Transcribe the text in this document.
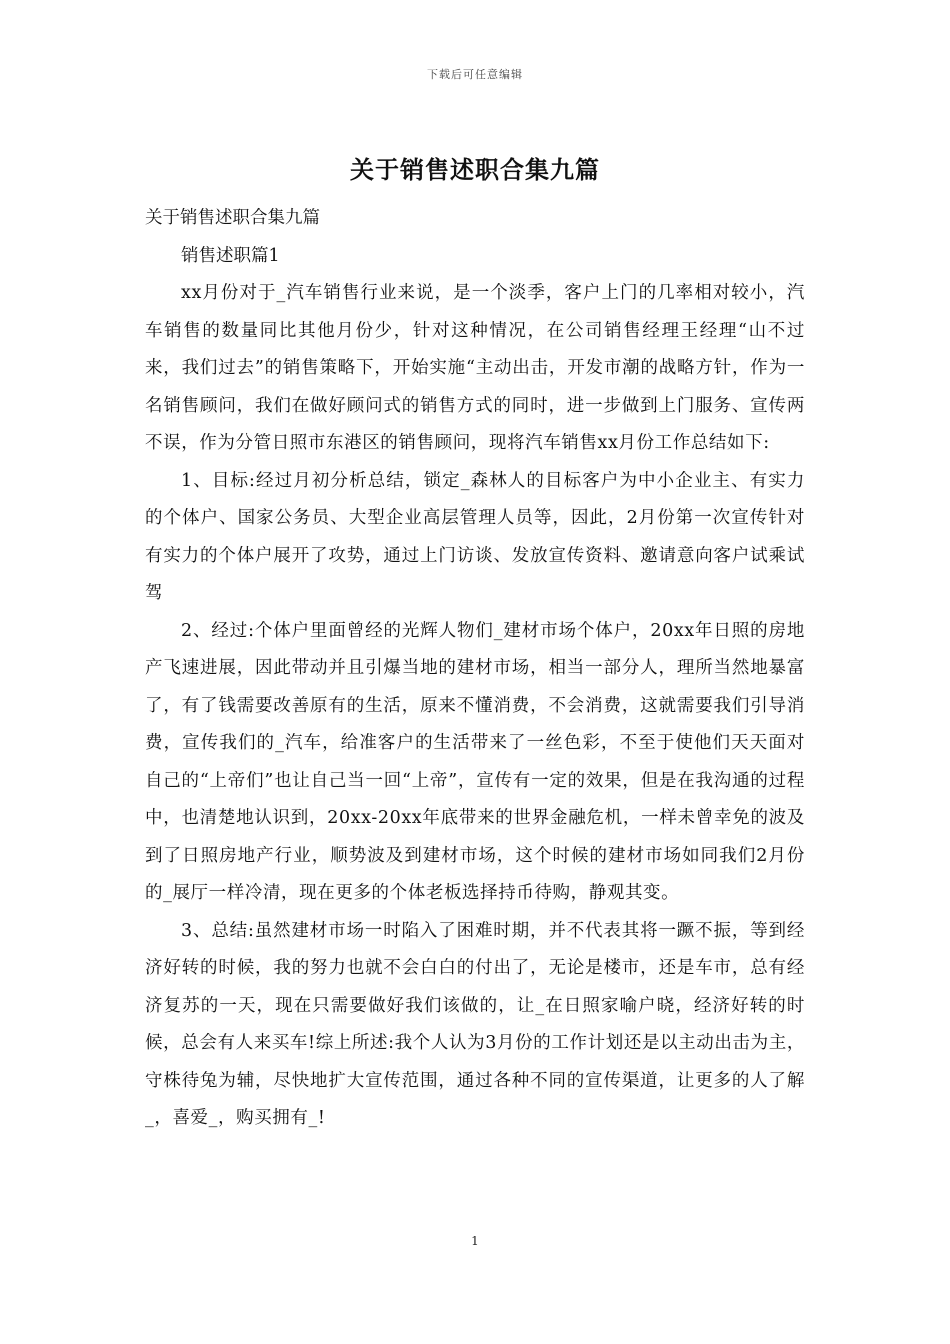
下载后可任意编辑
关于销售述职合集九篇

关于销售述职合集九篇

销售述职篇1

xx月份对于_汽车销售行业来说，是一个淡季，客户上门的几率相对较小，汽车销售的数量同比其他月份少，针对这种情况，在公司销售经理王经理“山不过来，我们过去”的销售策略下，开始实施“主动出击，开发市潮的战略方针，作为一名销售顾问，我们在做好顾问式的销售方式的同时，进一步做到上门服务、宣传两不误，作为分管日照市东港区的销售顾问，现将汽车销售xx月份工作总结如下:

1、目标:经过月初分析总结，锁定_森林人的目标客户为中小企业主、有实力的个体户、国家公务员、大型企业高层管理人员等，因此，2月份第一次宣传针对有实力的个体户展开了攻势，通过上门访谈、发放宣传资料、邀请意向客户试乘试驾

2、经过:个体户里面曾经的光辉人物们_建材市场个体户，20xx年日照的房地产飞速进展，因此带动并且引爆当地的建材市场，相当一部分人，理所当然地暴富了，有了钱需要改善原有的生活，原来不懂消费，不会消费，这就需要我们引导消费，宣传我们的_汽车，给准客户的生活带来了一丝色彩，不至于使他们天天面对自己的“上帝们”也让自己当一回“上帝”，宣传有一定的效果，但是在我沟通的过程中，也清楚地认识到，20xx-20xx年底带来的世界金融危机，一样未曾幸免的波及到了日照房地产行业，顺势波及到建材市场，这个时候的建材市场如同我们2月份的_展厅一样冷清，现在更多的个体老板选择持币待购，静观其变。

3、总结:虽然建材市场一时陷入了困难时期，并不代表其将一蹶不振，等到经济好转的时候，我的努力也就不会白白的付出了，无论是楼市，还是车市，总有经济复苏的一天，现在只需要做好我们该做的，让_在日照家喻户晓，经济好转的时候，总会有人来买车!综上所述:我个人认为3月份的工作计划还是以主动出击为主，守株待兔为辅，尽快地扩大宣传范围，通过各种不同的宣传渠道，让更多的人了解_，喜爱_，购买拥有_!

1
